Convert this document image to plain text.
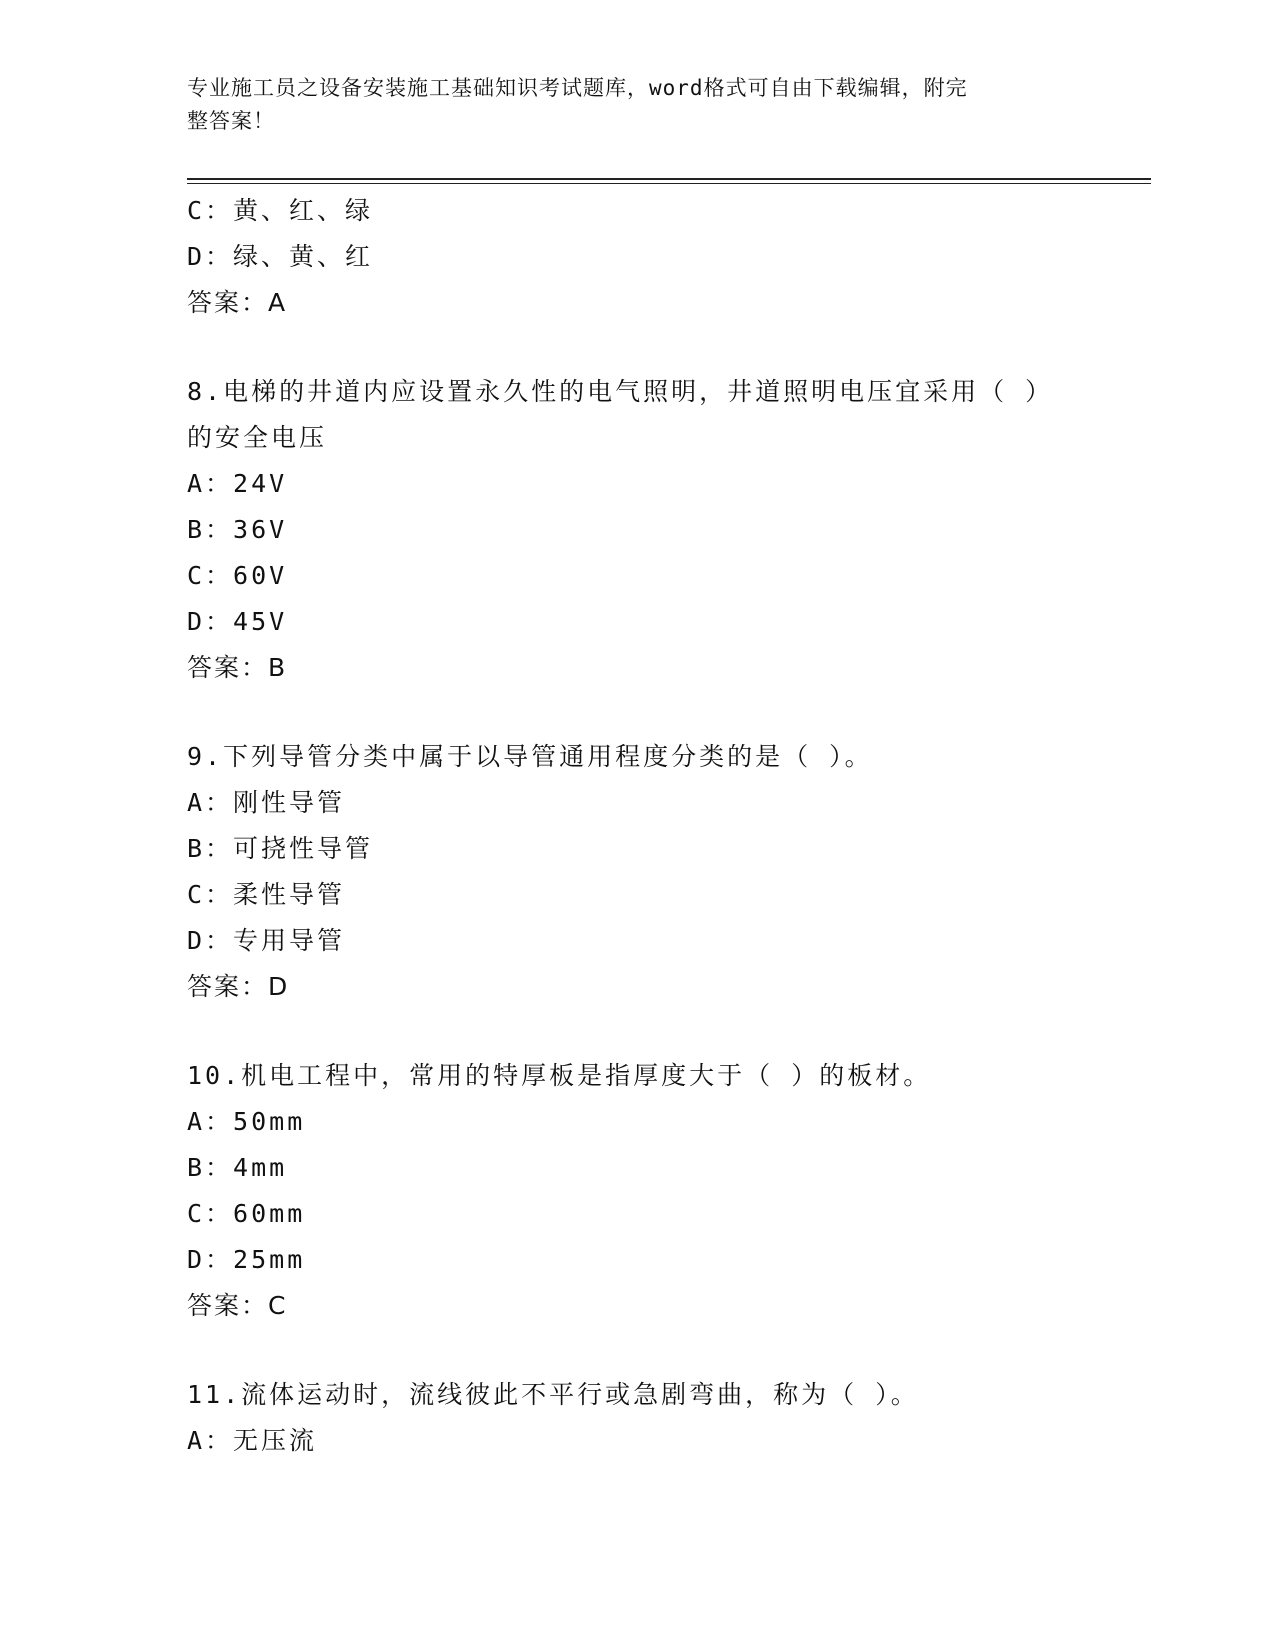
专业施工员之设备安装施工基础知识考试题库，word格式可自由下载编辑，附完
整答案！
C：黄、红、绿
D：绿、黄、红
答案：A
8.电梯的井道内应设置永久性的电气照明，井道照明电压宜采用（ ）
的安全电压
A：24V
B：36V
C：60V
D：45V
答案：B
9.下列导管分类中属于以导管通用程度分类的是（ ）。
A：刚性导管
B：可挠性导管
C：柔性导管
D：专用导管
答案：D
10.机电工程中，常用的特厚板是指厚度大于（ ）的板材。
A：50mm
B：4mm
C：60mm
D：25mm
答案：C
11.流体运动时，流线彼此不平行或急剧弯曲，称为（ ）。
A：无压流
